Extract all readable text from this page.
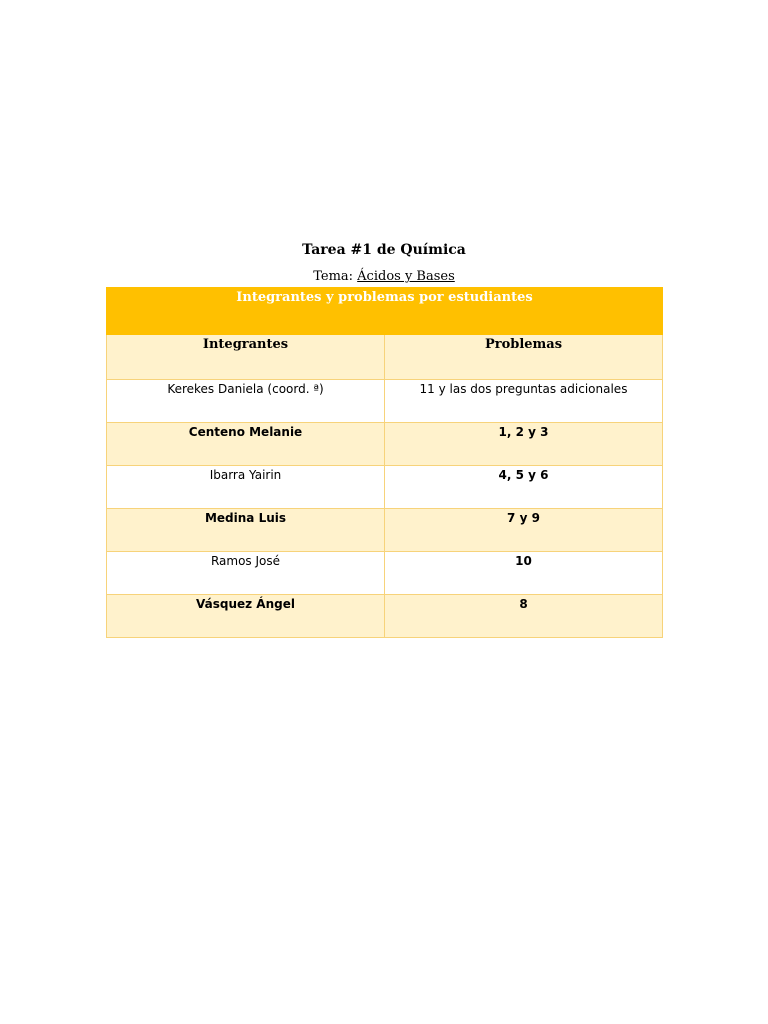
Tarea #1 de Química
Tema: Ácidos y Bases
Integrantes y problemas por estudiantes	
Integrantes	Problemas
Kerekes Daniela (coord. ª)	11 y las dos preguntas adicionales
Centeno Melanie	1, 2 y 3
Ibarra Yairin	4, 5 y 6
Medina Luis	7 y 9
Ramos José	10
Vásquez Ángel	8
